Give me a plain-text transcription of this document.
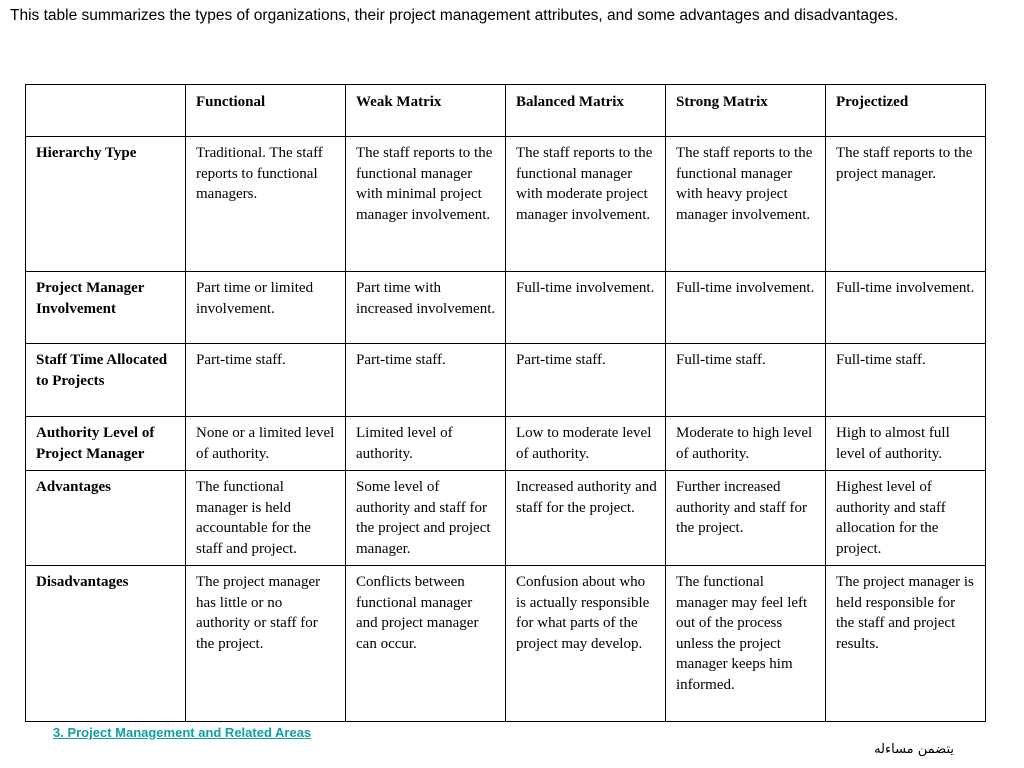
This table summarizes the types of organizations, their project management attributes, and some advantages and disadvantages.
	Functional	Weak Matrix	Balanced Matrix	Strong Matrix	Projectized
Hierarchy Type	Traditional. The staff reports to functional managers.	The staff reports to the functional manager with minimal project manager involvement.	The staff reports to the functional manager with moderate project manager involvement.	The staff reports to the functional manager with heavy project manager involvement.	The staff reports to the project manager.
Project Manager Involvement	Part time or limited involvement.	Part time with increased involvement.	Full-time involvement.	Full-time involvement.	Full-time involvement.
Staff Time Allocated to Projects	Part-time staff.	Part-time staff.	Part-time staff.	Full-time staff.	Full-time staff.
Authority Level of Project Manager	None or a limited level of authority.	Limited level of authority.	Low to moderate level of authority.	Moderate to high level of authority.	High to almost full level of authority.
Advantages	The functional manager is held accountable for the staff and project.	Some level of authority and staff for the project and project manager.	Increased authority and staff for the project.	Further increased authority and staff for the project.	Highest level of authority and staff allocation for the project.
Disadvantages	The project manager has little or no authority or staff for the project.	Conflicts between functional manager and project manager can occur.	Confusion about who is actually responsible for what parts of the project may develop.	The functional manager may feel left out of the process unless the project manager keeps him informed.	The project manager is held responsible for the staff and project results.
3. Project Management and Related Areas
يتضمن مساءله
